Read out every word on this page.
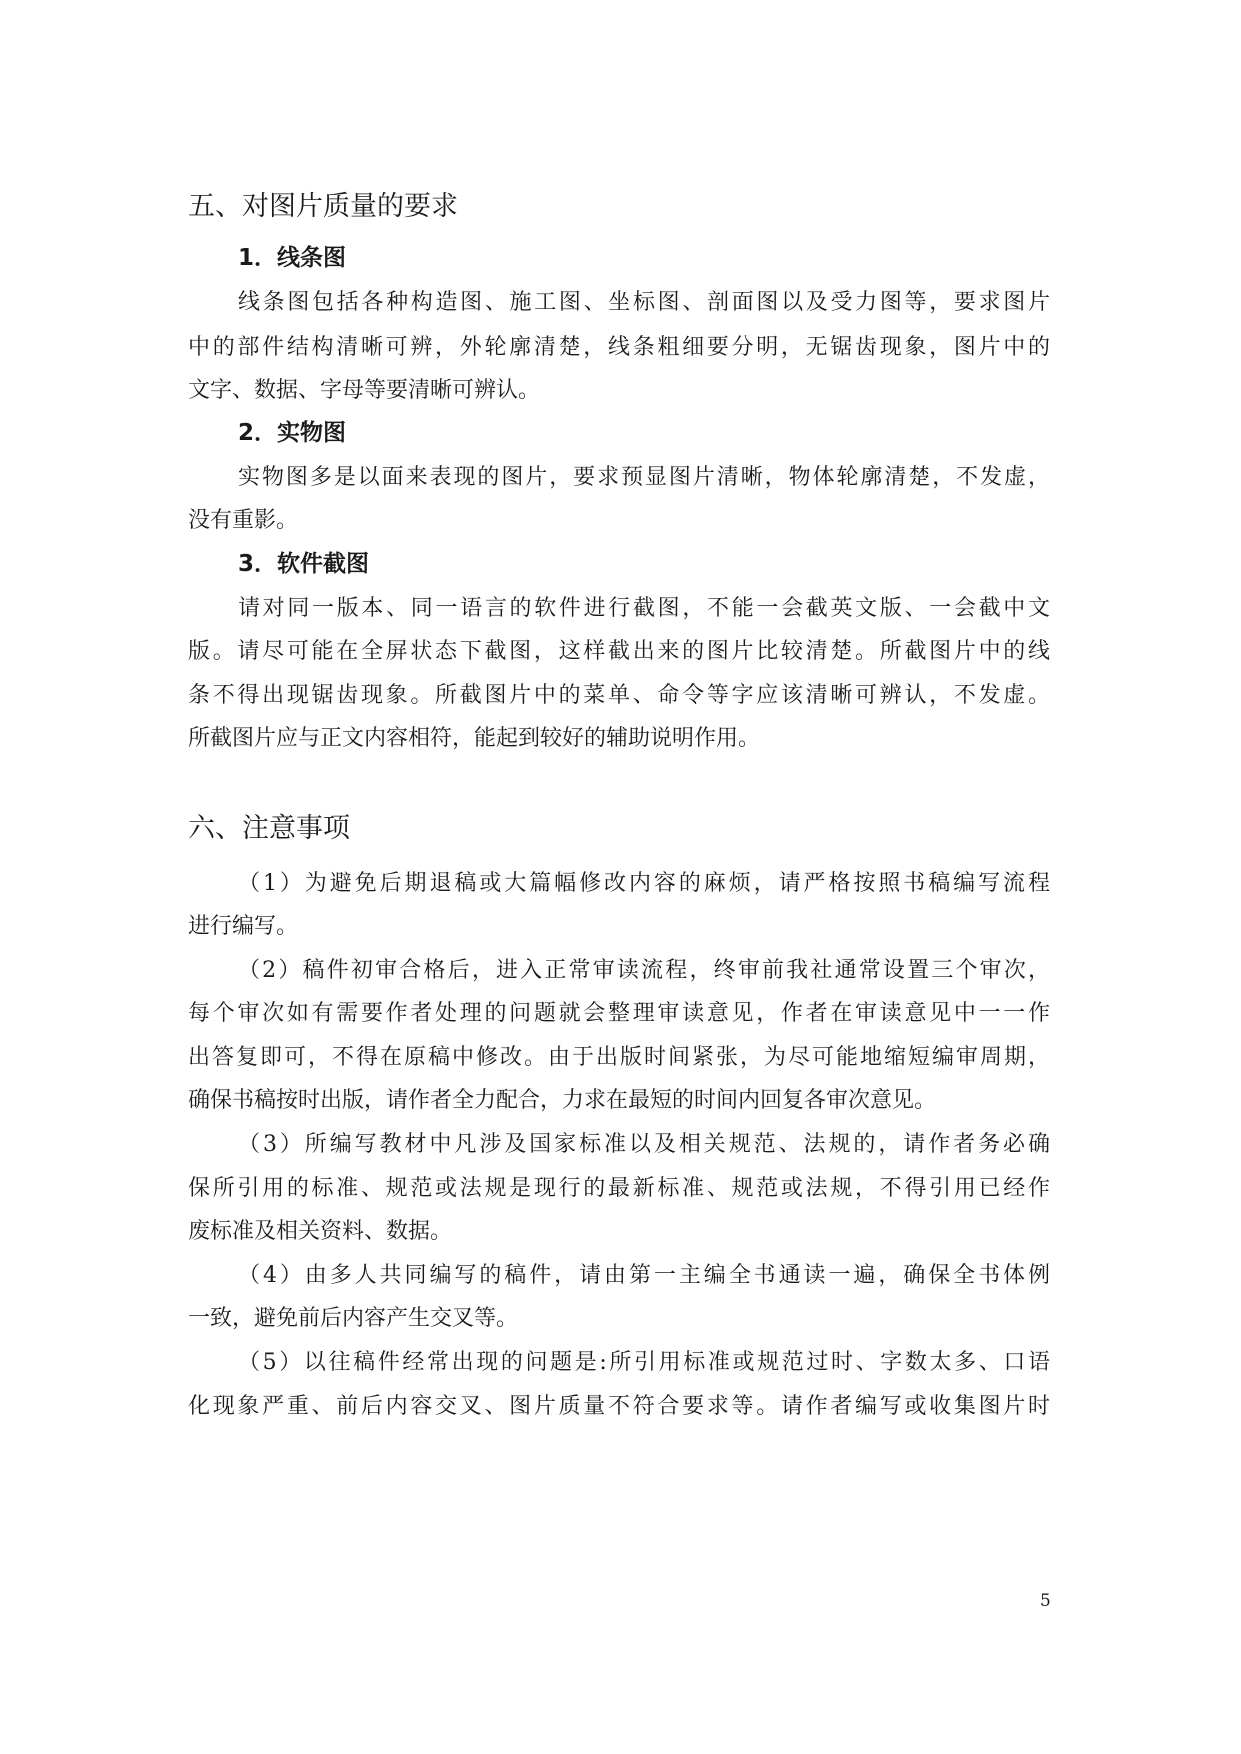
五、对图片质量的要求
1．线条图

线条图包括各种构造图、施工图、坐标图、剖面图以及受力图等，要求图片

中的部件结构清晰可辨，外轮廓清楚，线条粗细要分明，无锯齿现象，图片中的

文字、数据、字母等要清晰可辨认。

2．实物图

实物图多是以面来表现的图片，要求预显图片清晰，物体轮廓清楚，不发虚，

没有重影。

3．软件截图

请对同一版本、同一语言的软件进行截图，不能一会截英文版、一会截中文

版。请尽可能在全屏状态下截图，这样截出来的图片比较清楚。所截图片中的线

条不得出现锯齿现象。所截图片中的菜单、命令等字应该清晰可辨认，不发虚。

所截图片应与正文内容相符，能起到较好的辅助说明作用。

六、注意事项

（1）为避免后期退稿或大篇幅修改内容的麻烦，请严格按照书稿编写流程

进行编写。

（2）稿件初审合格后，进入正常审读流程，终审前我社通常设置三个审次，

每个审次如有需要作者处理的问题就会整理审读意见，作者在审读意见中一一作

出答复即可，不得在原稿中修改。由于出版时间紧张，为尽可能地缩短编审周期，

确保书稿按时出版，请作者全力配合，力求在最短的时间内回复各审次意见。

（3）所编写教材中凡涉及国家标准以及相关规范、法规的，请作者务必确

保所引用的标准、规范或法规是现行的最新标准、规范或法规，不得引用已经作

废标准及相关资料、数据。

（4）由多人共同编写的稿件，请由第一主编全书通读一遍，确保全书体例

一致，避免前后内容产生交叉等。

（5）以往稿件经常出现的问题是:所引用标准或规范过时、字数太多、口语

化现象严重、前后内容交叉、图片质量不符合要求等。请作者编写或收集图片时

5
